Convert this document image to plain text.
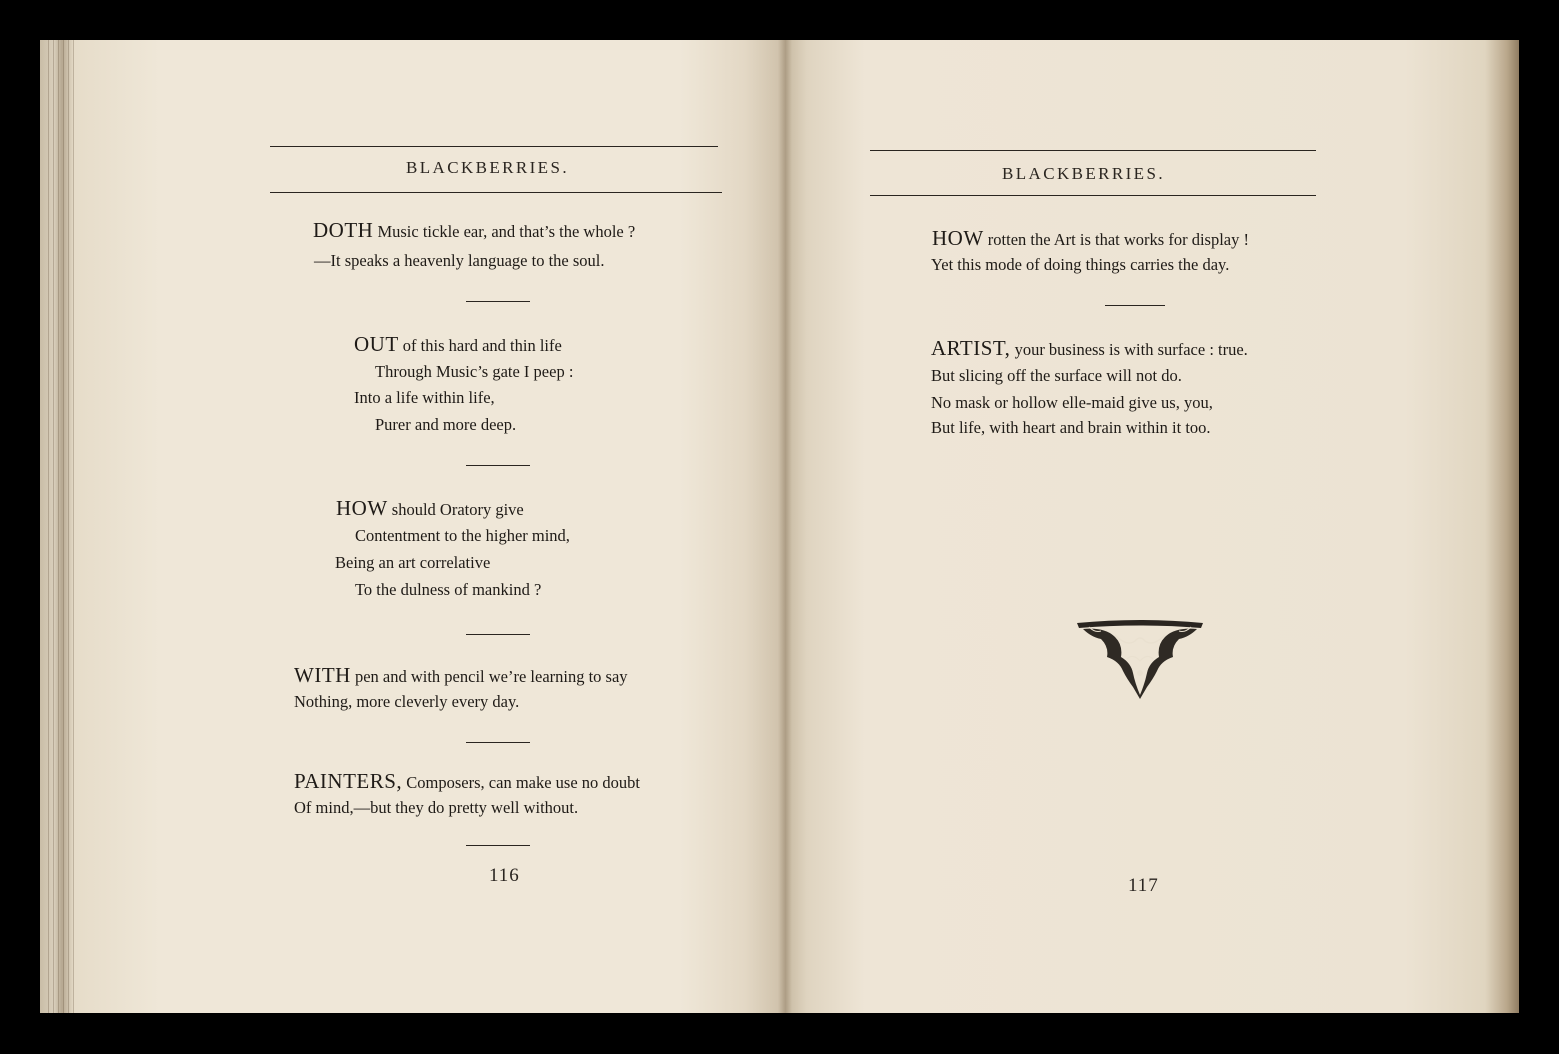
BLACKBERRIES.
DOTH Music tickle ear, and that’s the whole ?
—It speaks a heavenly language to the soul.
OUT of this hard and thin life
Through Music’s gate I peep :
Into a life within life,
Purer and more deep.
HOW should Oratory give
Contentment to the higher mind,
Being an art correlative
To the dulness of mankind ?
WITH pen and with pencil we’re learning to say
Nothing, more cleverly every day.
PAINTERS, Composers, can make use no doubt
Of mind,—but they do pretty well without.
116
BLACKBERRIES.
HOW rotten the Art is that works for display !
Yet this mode of doing things carries the day.
ARTIST, your business is with surface : true.
But slicing off the surface will not do.
No mask or hollow elle-maid give us, you,
But life, with heart and brain within it too.
117
